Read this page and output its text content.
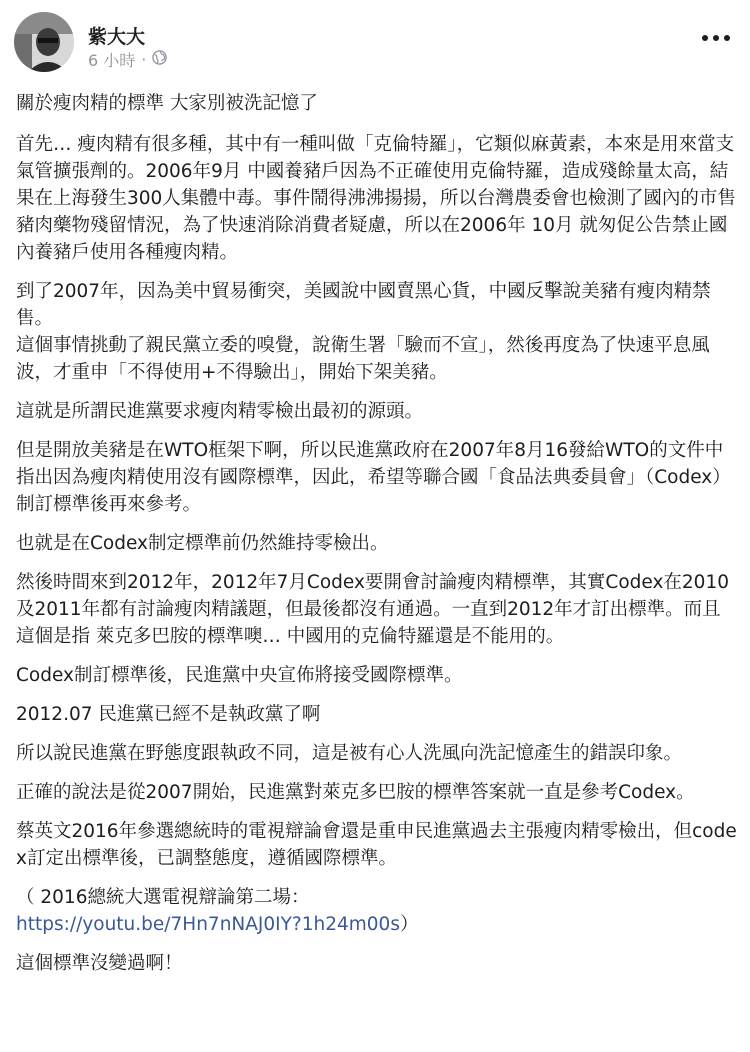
紫大大
6 小時 ·

關於瘦肉精的標準 大家別被洗記憶了

首先… 瘦肉精有很多種，其中有一種叫做「克倫特羅」，它類似麻黃素，本來是用來當支氣管擴張劑的。2006年9月 中國養豬戶因為不正確使用克倫特羅，造成殘餘量太高，結果在上海發生300人集體中毒。事件鬧得沸沸揚揚，所以台灣農委會也檢測了國內的市售豬肉藥物殘留情況，為了快速消除消費者疑慮，所以在2006年 10月 就匆促公告禁止國內養豬戶使用各種瘦肉精。

到了2007年，因為美中貿易衝突，美國說中國賣黑心貨，中國反擊說美豬有瘦肉精禁售。
這個事情挑動了親民黨立委的嗅覺，說衛生署「驗而不宣」，然後再度為了快速平息風波，才重申「不得使用+不得驗出」，開始下架美豬。

這就是所謂民進黨要求瘦肉精零檢出最初的源頭。

但是開放美豬是在WTO框架下啊，所以民進黨政府在2007年8月16發給WTO的文件中指出因為瘦肉精使用沒有國際標準，因此，希望等聯合國「食品法典委員會」（Codex）制訂標準後再來參考。

也就是在Codex制定標準前仍然維持零檢出。

然後時間來到2012年，2012年7月Codex要開會討論瘦肉精標準，其實Codex在2010及2011年都有討論瘦肉精議題，但最後都沒有通過。一直到2012年才訂出標準。而且這個是指 萊克多巴胺的標準噢… 中國用的克倫特羅還是不能用的。

Codex制訂標準後，民進黨中央宣佈將接受國際標準。

2012.07 民進黨已經不是執政黨了啊

所以說民進黨在野態度跟執政不同，這是被有心人洗風向洗記憶產生的錯誤印象。

正確的說法是從2007開始，民進黨對萊克多巴胺的標準答案就一直是參考Codex。

蔡英文2016年參選總統時的電視辯論會還是重申民進黨過去主張瘦肉精零檢出，但codex訂定出標準後，已調整態度，遵循國際標準。

（ 2016總統大選電視辯論第二場：
https://youtu.be/7Hn7nNAJ0IY?1h24m00s）

這個標準沒變過啊！
